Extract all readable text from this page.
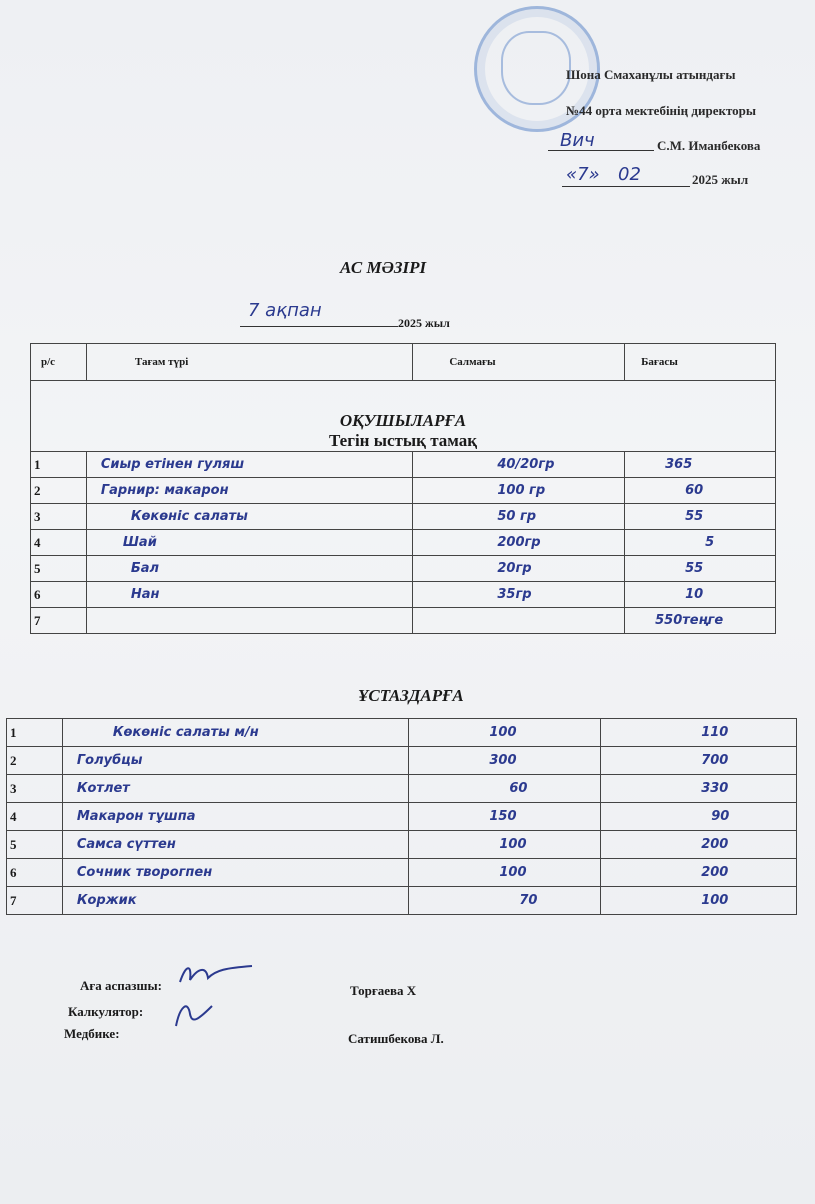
Шона Смаханұлы атындағы
№44 орта мектебінің директоры
Вич	С.М. Иманбекова
«7» 02	2025 жыл
АС МӘЗІРІ
7 ақпан
2025 жыл
р/с	Тағам түрі	Салмағы	Бағасы

ОҚУШЫЛАРҒА
Тегін ыстық тамақ			

1	Сиыр етінен гуляш	40/20гр	365
2	Гарнир: макарон	100 гр	60
3	Көкөніс салаты	50 гр	55
4	Шай	200гр	5
5	Бал	20гр	55
6	Нан	35гр	10
7			550теңге
ҰСТАЗДАРҒА
1	Көкөніс салаты м/н	100	110
2	Голубцы	300	700
3	Котлет	60	330
4	Макарон тұшпа	150	90
5	Самса сүттен	100	200
6	Сочник творогпен	100	200
7	Коржик	70	100
Аға аспазшы:	Торғаева Х
Калкулятор:
Медбике:	Сатишбекова Л.
